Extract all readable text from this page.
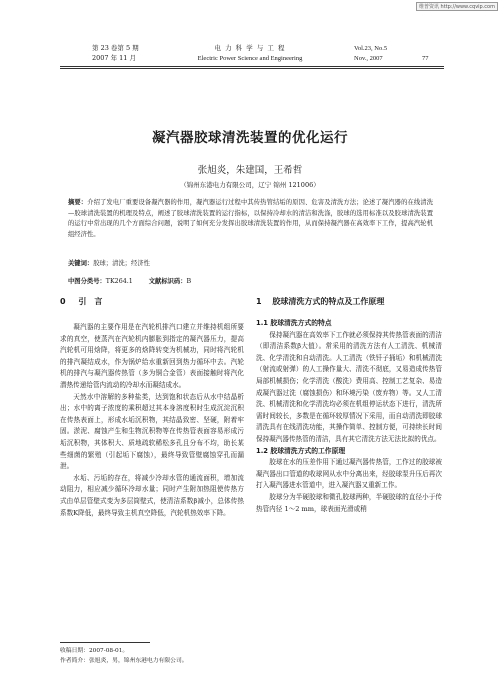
维普资讯 http://www.cqvip.com
第 23 卷第 5 期
2007 年 11 月
电 力 科 学 与 工 程
Electric Power Science and Engineering
Vol.23, No.5
Nov., 2007	77
凝汽器胶球清洗装置的优化运行
张旭炎，朱建国，王希哲
（锦州东港电力有限公司，辽宁 锦州 121006）
摘要：介绍了发电厂重要设备凝汽器的作用，凝汽器运行过程中其传热管结垢的原因、危害及清洗方法；论述了凝汽器的在线清洗—胶球清洗装置的机理及特点，阐述了胶球清洗装置的运行指标，以保持冷却水的清洁和洗涤，胶球的选用标准以及胶球清洗装置的运行中常出现的几个方面综合问题，说明了如何充分发挥出胶球清洗装置的作用，从而保持凝汽器在高效率下工作，提高汽轮机组经济性。
关键词：胶球；清洗；经济性
中图分类号：TK264.1	文献标识码：B
0 引　言

凝汽器的主要作用是在汽轮机排汽口建立并维持机组所要求的真空，使蒸汽在汽轮机内膨胀到指定的凝汽器压力，提高汽轮机可用焓降，将更多的焓降转变为机械功，同时将汽轮机的排汽凝结成水，作为锅炉给水重新回到热力循环中去。汽轮机的排汽与凝汽器传热管（多为铜合金管）表面接触时将汽化潜热传递给管内流动的冷却水而凝结成水。

天然水中溶解的多种盐类，达到饱和状态后从水中结晶析出；水中的离子浓度的乘积超过其本身溶度积时生成沉淀沉积在传热表面上，形成水垢沉积物，其结晶致密、坚硬，附着牢固。淤泥、腐蚀产生和生物沉积物等在传热管表面容易形成污垢沉积物，其体积大、质地疏软稀松多孔且分布不均，助长某些细菌的繁殖（引起垢下腐蚀），最终导致管壁腐蚀穿孔而漏泄。

水垢、污垢的存在，将减少冷却水管的通流面积，增加流动阻力，相应减少循环冷却水量；同时产生附加热阻使传热方式由单层管壁式变为多层筒壁式，使清洁系数β减小，总体传热系数K降低，最终导致主机真空降低，汽轮机热效率下降。

1 胶球清洗方式的特点及工作原理
1.1 胶球清洗方式的特点

保持凝汽器在高效率下工作就必须保持其传热管表面的清洁（即清洁系数β大值）。常采用的清洗方法有人工清洗、机械清洗、化学清洗和自动清洗。人工清洗（铁钎子捅垢）和机械清洗（射流或射弹）的人工操作量大、清洗不彻底，又易造成传热管局部机械损伤；化学清洗（酸洗）费用高、控制工艺复杂、易造成凝汽器过洗（腐蚀损伤）和环境污染（废弃物）等。又人工清洗、机械清洗和化学清洗均必须在机组停运状态下进行，清洗所需时间较长，多数是在循环较厚情况下采用，而自动清洗即胶球清洗具有在线清洗功能，其操作简单、控制方便，可持续长时间保持凝汽器传热管的清洁，具有其它清洗方法无法比拟的优点。

1.2 胶球清洗方式的工作原理

胶球在水的压差作用下通过凝汽器传热管，工作过的胶球被凝汽器出口管道的收球网从水中分离出来，经胶球泵升压后再次打入凝汽器进水管道中，进入凝汽器又重新工作。

胶球分为半硬胶球和微孔胶球两种，半硬胶球的直径小于传热管内径 1～2 mm，球表面光滑或稍

收稿日期：2007-08-01。
作者简介：张旭炎，男，锦州东港电力有限公司。
